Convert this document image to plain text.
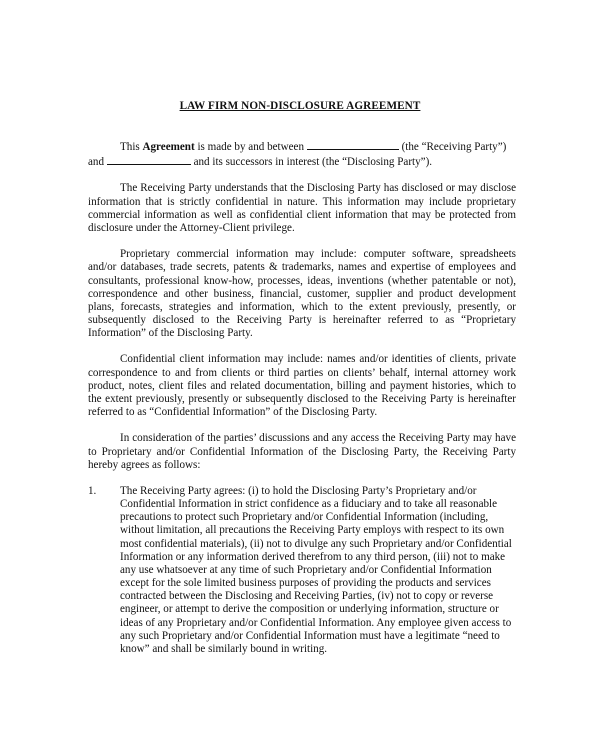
LAW FIRM NON-DISCLOSURE AGREEMENT

This Agreement is made by and between	(the “Receiving Party”) and	and its successors in interest (the “Disclosing Party”).

The Receiving Party understands that the Disclosing Party has disclosed or may disclose information that is strictly confidential in nature. This information may include proprietary commercial information as well as confidential client information that may be protected from disclosure under the Attorney-Client privilege.

Proprietary commercial information may include: computer software, spreadsheets and/or databases, trade secrets, patents & trademarks, names and expertise of employees and consultants, professional know-how, processes, ideas, inventions (whether patentable or not), correspondence and other business, financial, customer, supplier and product development plans, forecasts, strategies and information, which to the extent previously, presently, or subsequently disclosed to the Receiving Party is hereinafter referred to as “Proprietary Information” of the Disclosing Party.

Confidential client information may include: names and/or identities of clients, private correspondence to and from clients or third parties on clients’ behalf, internal attorney work product, notes, client files and related documentation, billing and payment histories, which to the extent previously, presently or subsequently disclosed to the Receiving Party is hereinafter referred to as “Confidential Information” of the Disclosing Party.

In consideration of the parties’ discussions and any access the Receiving Party may have to Proprietary and/or Confidential Information of the Disclosing Party, the Receiving Party hereby agrees as follows:

1. The Receiving Party agrees: (i) to hold the Disclosing Party’s Proprietary and/or Confidential Information in strict confidence as a fiduciary and to take all reasonable precautions to protect such Proprietary and/or Confidential Information (including, without limitation, all precautions the Receiving Party employs with respect to its own most confidential materials), (ii) not to divulge any such Proprietary and/or Confidential Information or any information derived therefrom to any third person, (iii) not to make any use whatsoever at any time of such Proprietary and/or Confidential Information except for the sole limited business purposes of providing the products and services contracted between the Disclosing and Receiving Parties, (iv) not to copy or reverse engineer, or attempt to derive the composition or underlying information, structure or ideas of any Proprietary and/or Confidential Information. Any employee given access to any such Proprietary and/or Confidential Information must have a legitimate “need to know” and shall be similarly bound in writing.
